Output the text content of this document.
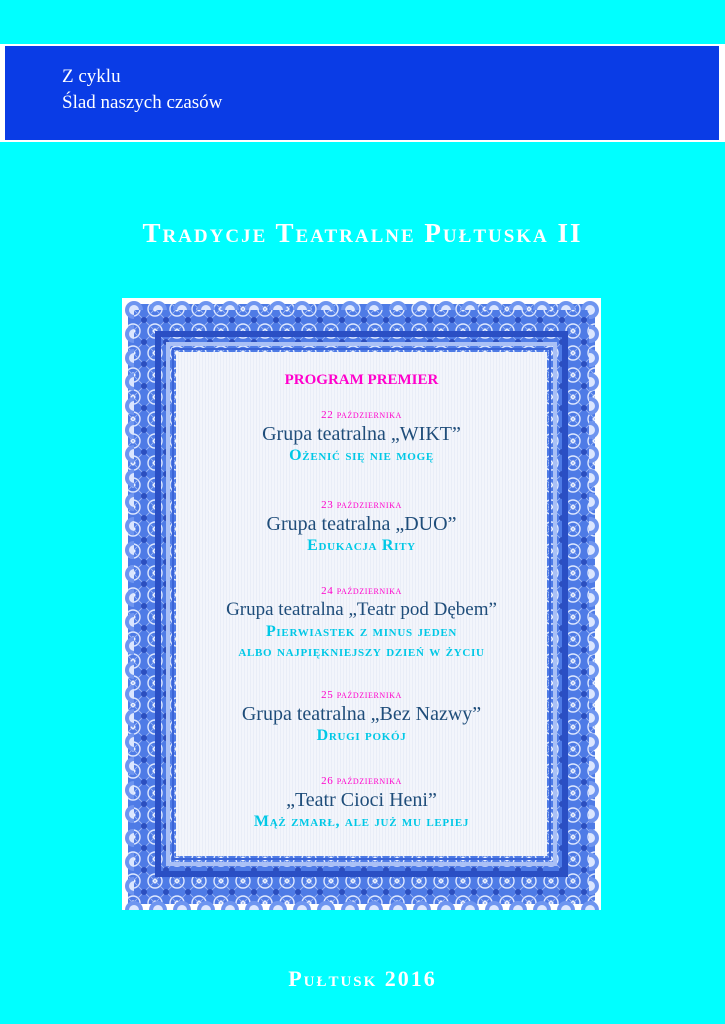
Z cyklu
Ślad naszych czasów
Tradycje Teatralne Pułtuska II
PROGRAM PREMIER
22 października
Grupa teatralna „WIKT”
Ożenić się nie mogę
23 października
Grupa teatralna „DUO”
Edukacja Rity
24 października
Grupa teatralna „Teatr pod Dębem”
Pierwiastek z minus jeden
albo najpiękniejszy dzień w życiu
25 października
Grupa teatralna „Bez Nazwy”
Drugi pokój
26 października
„Teatr Cioci Heni”
Mąż zmarł, ale już mu lepiej
Pułtusk 2016
